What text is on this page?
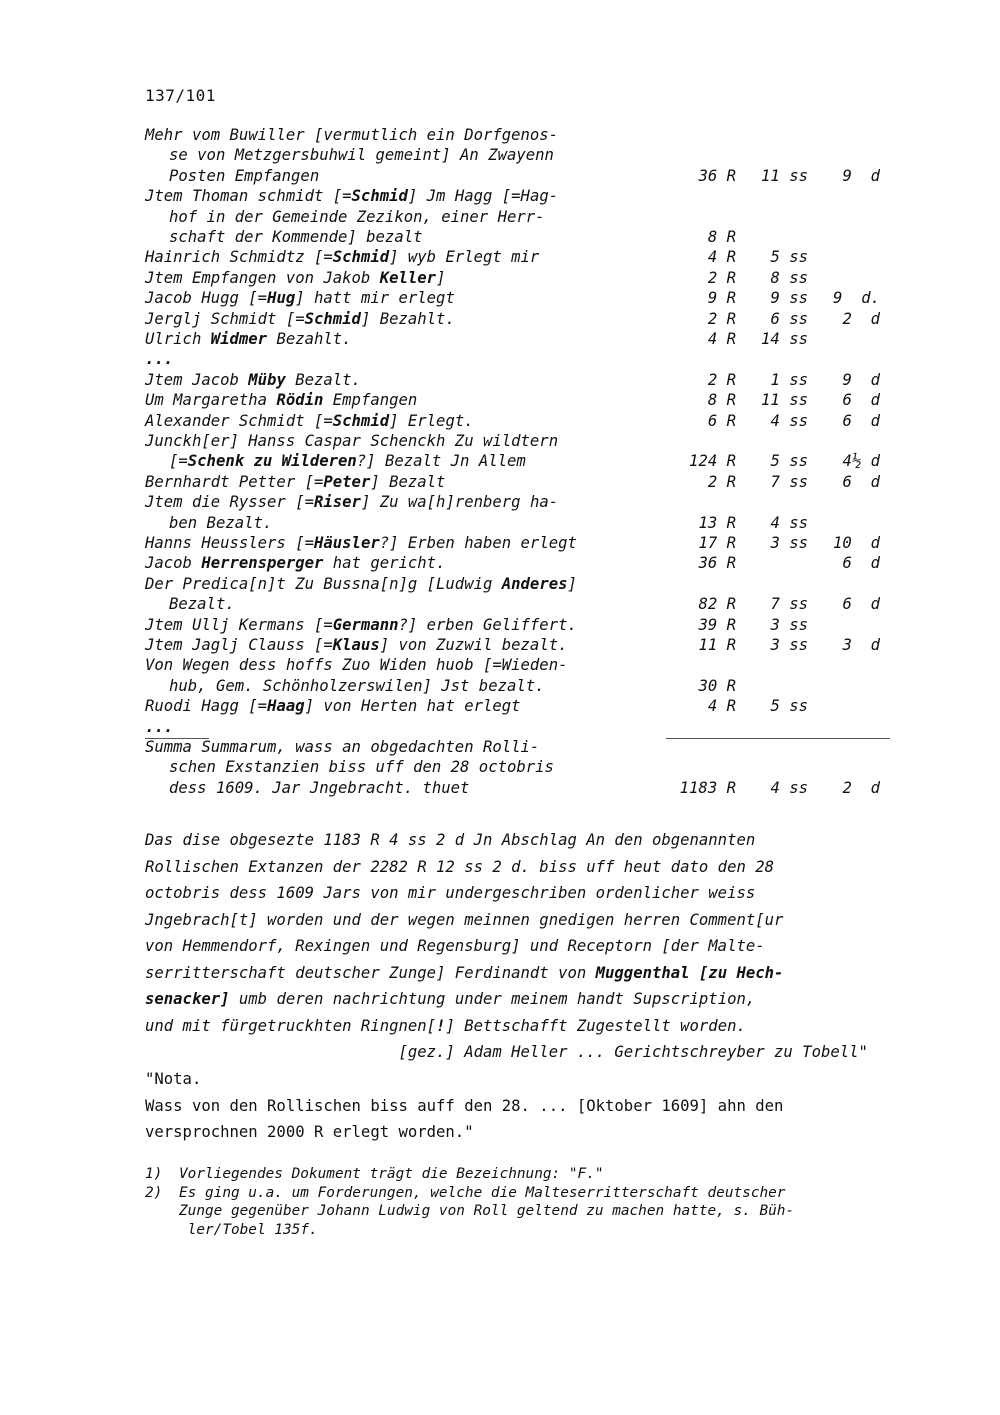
137/101
Mehr vom Buwiller [vermutlich ein Dorfgenos-
se von Metzgersbuhwil gemeint] An Zwayenn
Posten Empfangen	36 R	11 ss	9  d
Jtem Thoman schmidt [=Schmid] Jm Hagg [=Hag-
hof in der Gemeinde Zezikon, einer Herr-
schaft der Kommende] bezalt	8 R
Hainrich Schmidtz [=Schmid] wyb Erlegt mir	4 R	5 ss
Jtem Empfangen von Jakob Keller]	2 R	8 ss
Jacob Hugg [=Hug] hatt mir erlegt	9 R	9 ss	9  d.
Jerglj Schmidt [=Schmid] Bezahlt.	2 R	6 ss	2  d
Ulrich Widmer Bezahlt.	4 R	14 ss
...
Jtem Jacob Müby Bezalt.	2 R	1 ss	9  d
Um Margaretha Rödin Empfangen	8 R	11 ss	6  d
Alexander Schmidt [=Schmid] Erlegt.	6 R	4 ss	6  d
Junckh[er] Hanss Caspar Schenckh Zu wildtern
[=Schenk zu Wilderen?] Bezalt Jn Allem	124 R	5 ss	4½ d
Bernhardt Petter [=Peter] Bezalt	2 R	7 ss	6  d
Jtem die Rysser [=Riser] Zu wa[h]renberg ha-
ben Bezalt.	13 R	4 ss
Hanns Heusslers [=Häusler?] Erben haben erlegt	17 R	3 ss	10  d
Jacob Herrensperger hat gericht.	36 R	6  d
Der Predica[n]t Zu Bussna[n]g [Ludwig Anderes]
Bezalt.	82 R	7 ss	6  d
Jtem Ullj Kermans [=Germann?] erben Geliffert.	39 R	3 ss
Jtem Jaglj Clauss [=Klaus] von Zuzwil bezalt.	11 R	3 ss	3  d
Von Wegen dess hoffs Zuo Widen huob [=Wieden-
hub, Gem. Schönholzerswilen] Jst bezalt.	30 R
Ruodi Hagg [=Haag] von Herten hat erlegt	4 R	5 ss
...
Summa Summarum, wass an obgedachten Rolli-
schen Exstanzien biss uff den 28 octobris
dess 1609. Jar Jngebracht. thuet	1183 R	4 ss	2  d
Das dise obgesezte 1183 R 4 ss 2 d Jn Abschlag An den obgenannten
Rollischen Extanzen der 2282 R 12 ss 2 d. biss uff heut dato den 28
octobris dess 1609 Jars von mir undergeschriben ordenlicher weiss
Jngebrach[t] worden und der wegen meinnen gnedigen herren Comment[ur
von Hemmendorf, Rexingen und Regensburg] und Receptorn [der Malte-
serritterschaft deutscher Zunge] Ferdinandt von Muggenthal [zu Hech-
senacker] umb deren nachrichtung under meinem handt Supscription,
und mit fürgetruckhten Ringnen[!] Bettschafft Zugestellt worden.
[gez.] Adam Heller ... Gerichtschreyber zu Tobell"
"Nota.
Wass von den Rollischen biss auff den 28. ... [Oktober 1609] ahn den
versprochnen 2000 R erlegt worden."
1) Vorliegendes Dokument trägt die Bezeichnung: "F."
2) Es ging u.a. um Forderungen, welche die Malteserritterschaft deutscher
Zunge gegenüber Johann Ludwig von Roll geltend zu machen hatte, s. Büh-
ler/Tobel 135f.
